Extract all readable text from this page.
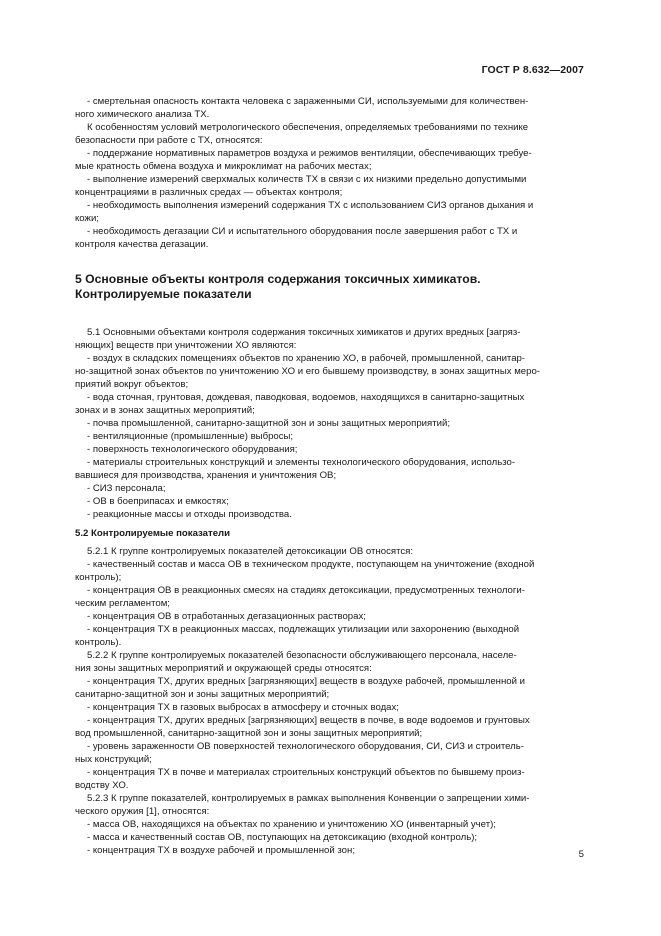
ГОСТ Р 8.632—2007
- смертельная опасность контакта человека с зараженными СИ, используемыми для количествен-
ного химического анализа ТХ.
К особенностям условий метрологического обеспечения, определяемых требованиями по технике
безопасности при работе с ТХ, относятся:
- поддержание нормативных параметров воздуха и режимов вентиляции, обеспечивающих требуе-
мые кратность обмена воздуха и микроклимат на рабочих местах;
- выполнение измерений сверхмалых количеств ТХ в связи с их низкими предельно допустимыми
концентрациями в различных средах — объектах контроля;
- необходимость выполнения измерений содержания ТХ с использованием СИЗ органов дыхания и
кожи;
- необходимость дегазации СИ и испытательного оборудования после завершения работ с ТХ и
контроля качества дегазации.
5 Основные объекты контроля содержания токсичных химикатов.
Контролируемые показатели
5.1 Основными объектами контроля содержания токсичных химикатов и других вредных [загряз-
няющих] веществ при уничтожении ХО являются:
- воздух в складских помещениях объектов по хранению ХО, в рабочей, промышленной, санитар-
но-защитной зонах объектов по уничтожению ХО и его бывшему производству, в зонах защитных меро-
приятий вокруг объектов;
- вода сточная, грунтовая, дождевая, паводковая, водоемов, находящихся в санитарно-защитных
зонах и в зонах защитных мероприятий;
- почва промышленной, санитарно-защитной зон и зоны защитных мероприятий;
- вентиляционные (промышленные) выбросы;
- поверхность технологического оборудования;
- материалы строительных конструкций и элементы технологического оборудования, использо-
вавшиеся для производства, хранения и уничтожения ОВ;
- СИЗ персонала;
- ОВ в боеприпасах и емкостях;
- реакционные массы и отходы производства.
5.2 Контролируемые показатели
5.2.1 К группе контролируемых показателей детоксикации ОВ относятся:
- качественный состав и масса ОВ в техническом продукте, поступающем на уничтожение (входной
контроль);
- концентрация ОВ в реакционных смесях на стадиях детоксикации, предусмотренных технологи-
ческим регламентом;
- концентрация ОВ в отработанных дегазационных растворах;
- концентрация ТХ в реакционных массах, подлежащих утилизации или захоронению (выходной
контроль).
5.2.2 К группе контролируемых показателей безопасности обслуживающего персонала, населе-
ния зоны защитных мероприятий и окружающей среды относятся:
- концентрация ТХ, других вредных [загрязняющих] веществ в воздухе рабочей, промышленной и
санитарно-защитной зон и зоны защитных мероприятий;
- концентрация ТХ в газовых выбросах в атмосферу и сточных водах;
- концентрация ТХ, других вредных [загрязняющих] веществ в почве, в воде водоемов и грунтовых
вод промышленной, санитарно-защитной зон и зоны защитных мероприятий;
- уровень зараженности ОВ поверхностей технологического оборудования, СИ, СИЗ и строитель-
ных конструкций;
- концентрация ТХ в почве и материалах строительных конструкций объектов по бывшему произ-
водству ХО.
5.2.3 К группе показателей, контролируемых в рамках выполнения Конвенции о запрещении хими-
ческого оружия [1], относятся:
- масса ОВ, находящихся на объектах по хранению и уничтожению ХО (инвентарный учет);
- масса и качественный состав ОВ, поступающих на детоксикацию (входной контроль);
- концентрация ТХ в воздухе рабочей и промышленной зон;	5
